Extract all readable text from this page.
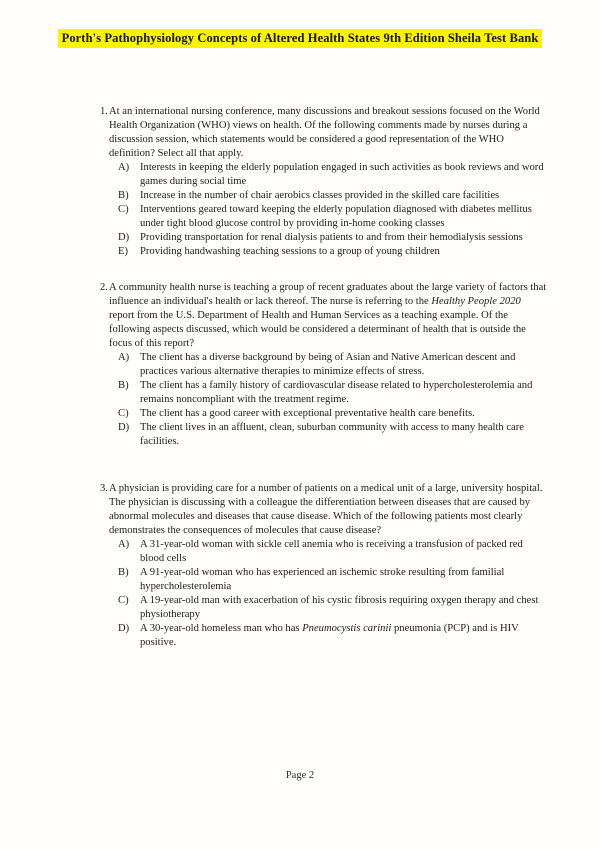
Porth's Pathophysiology Concepts of Altered Health States 9th Edition Sheila Test Bank
1. At an international nursing conference, many discussions and breakout sessions focused on the World Health Organization (WHO) views on health. Of the following comments made by nurses during a discussion session, which statements would be considered a good representation of the WHO definition? Select all that apply.
A)	Interests in keeping the elderly population engaged in such activities as book reviews and word games during social time
B)	Increase in the number of chair aerobics classes provided in the skilled care facilities
C)	Interventions geared toward keeping the elderly population diagnosed with diabetes mellitus under tight blood glucose control by providing in-home cooking classes
D)	Providing transportation for renal dialysis patients to and from their hemodialysis sessions
E)	Providing handwashing teaching sessions to a group of young children
2. A community health nurse is teaching a group of recent graduates about the large variety of factors that influence an individual's health or lack thereof. The nurse is referring to the Healthy People 2020 report from the U.S. Department of Health and Human Services as a teaching example. Of the following aspects discussed, which would be considered a determinant of health that is outside the focus of this report?
A)	The client has a diverse background by being of Asian and Native American descent and practices various alternative therapies to minimize effects of stress.
B)	The client has a family history of cardiovascular disease related to hypercholesterolemia and remains noncompliant with the treatment regime.
C)	The client has a good career with exceptional preventative health care benefits.
D)	The client lives in an affluent, clean, suburban community with access to many health care facilities.
3. A physician is providing care for a number of patients on a medical unit of a large, university hospital. The physician is discussing with a colleague the differentiation between diseases that are caused by abnormal molecules and diseases that cause disease. Which of the following patients most clearly demonstrates the consequences of molecules that cause disease?
A)	A 31-year-old woman with sickle cell anemia who is receiving a transfusion of packed red blood cells
B)	A 91-year-old woman who has experienced an ischemic stroke resulting from familial hypercholesterolemia
C)	A 19-year-old man with exacerbation of his cystic fibrosis requiring oxygen therapy and chest physiotherapy
D)	A 30-year-old homeless man who has Pneumocystis carinii pneumonia (PCP) and is HIV positive.
Page 2
